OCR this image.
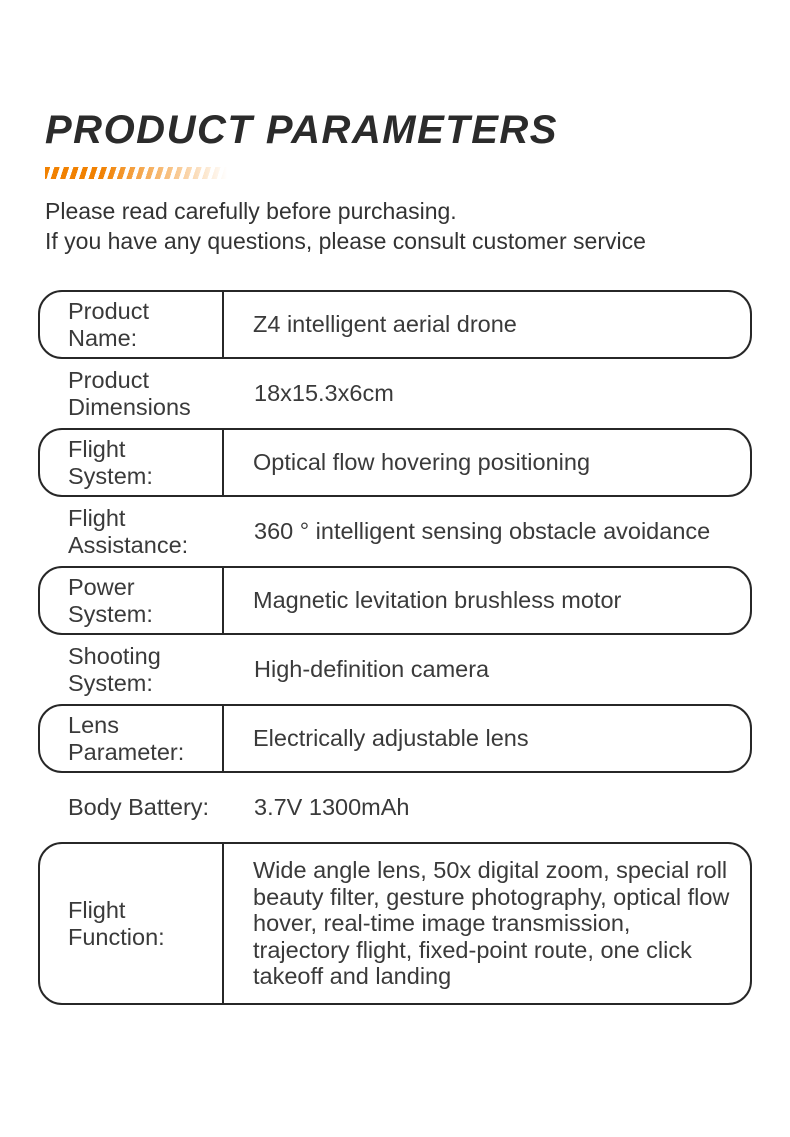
PRODUCT PARAMETERS

Please read carefully before purchasing.

If you have any questions, please consult customer service

Product Name:
Z4 intelligent aerial drone
Product Dimensions
18x15.3x6cm
Flight System:
Optical flow hovering positioning
Flight Assistance:
360 ° intelligent sensing obstacle avoidance
Power System:
Magnetic levitation brushless motor
Shooting System:
High-definition camera
Lens Parameter:
Electrically adjustable lens
Body Battery:	3.7V 1300mAh
Flight Function:
Wide angle lens, 50x digital zoom, special roll beauty filter, gesture photography, optical flow hover, real-time image transmission, trajectory flight, fixed-point route, one click takeoff and landing
